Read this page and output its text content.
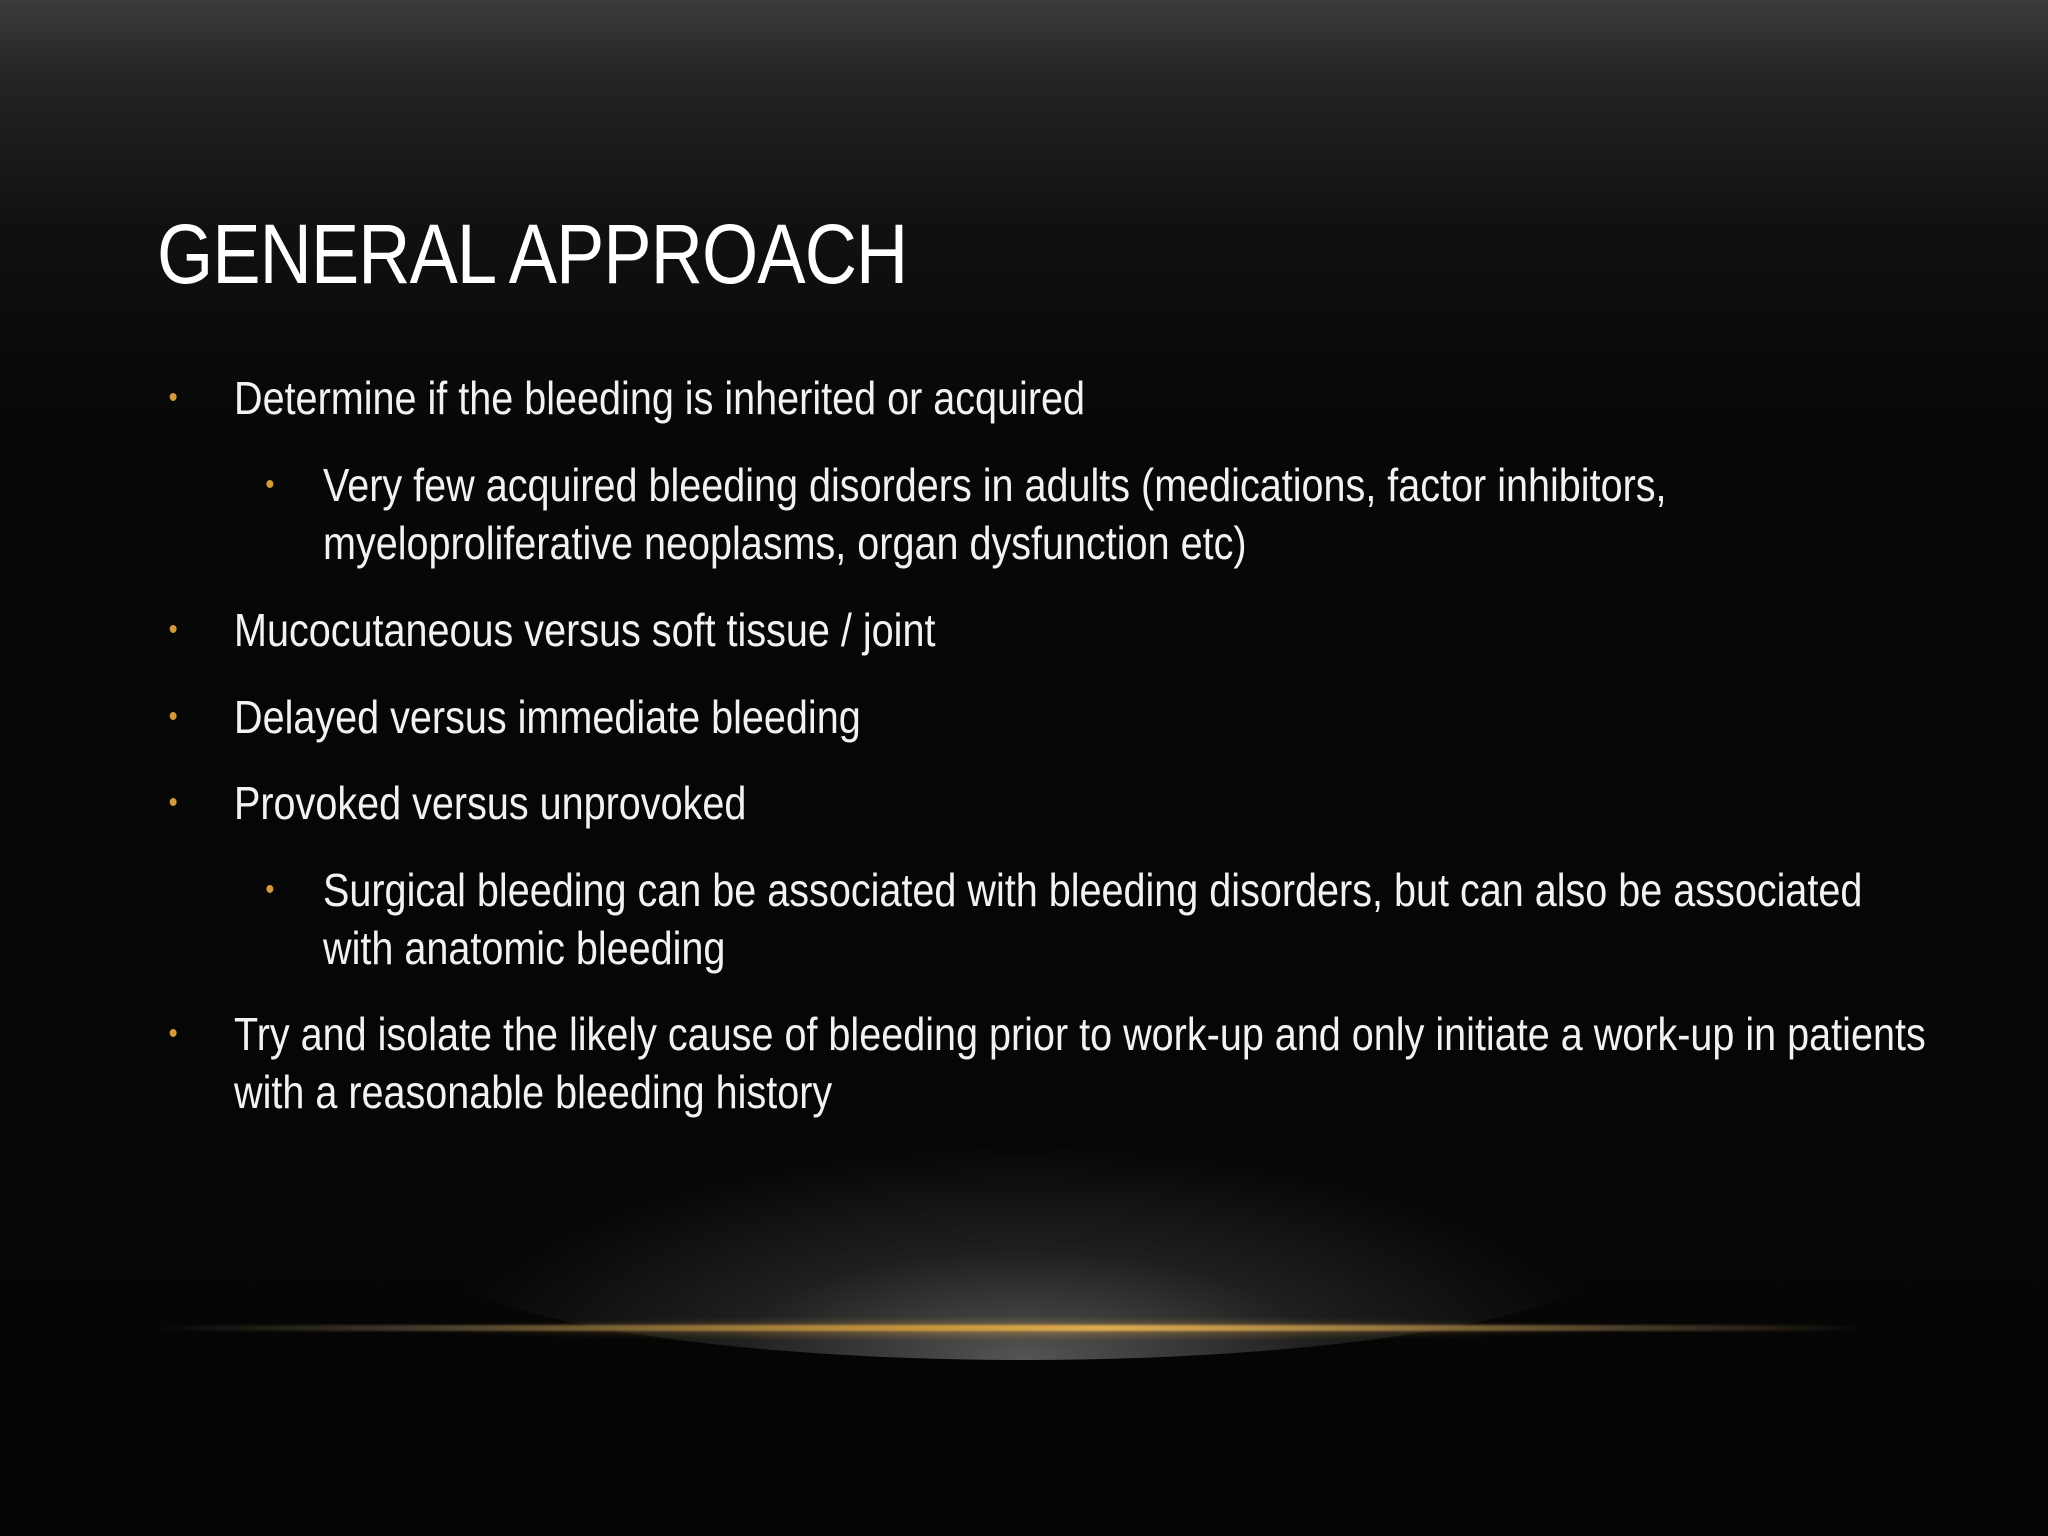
GENERAL APPROACH
• Determine if the bleeding is inherited or acquired
• Very few acquired bleeding disorders in adults (medications, factor inhibitors, myeloproliferative neoplasms, organ dysfunction etc)
• Mucocutaneous versus soft tissue / joint
• Delayed versus immediate bleeding
• Provoked versus unprovoked
• Surgical bleeding can be associated with bleeding disorders, but can also be associated with anatomic bleeding
• Try and isolate the likely cause of bleeding prior to work-up and only initiate a work-up in patients with a reasonable bleeding history
